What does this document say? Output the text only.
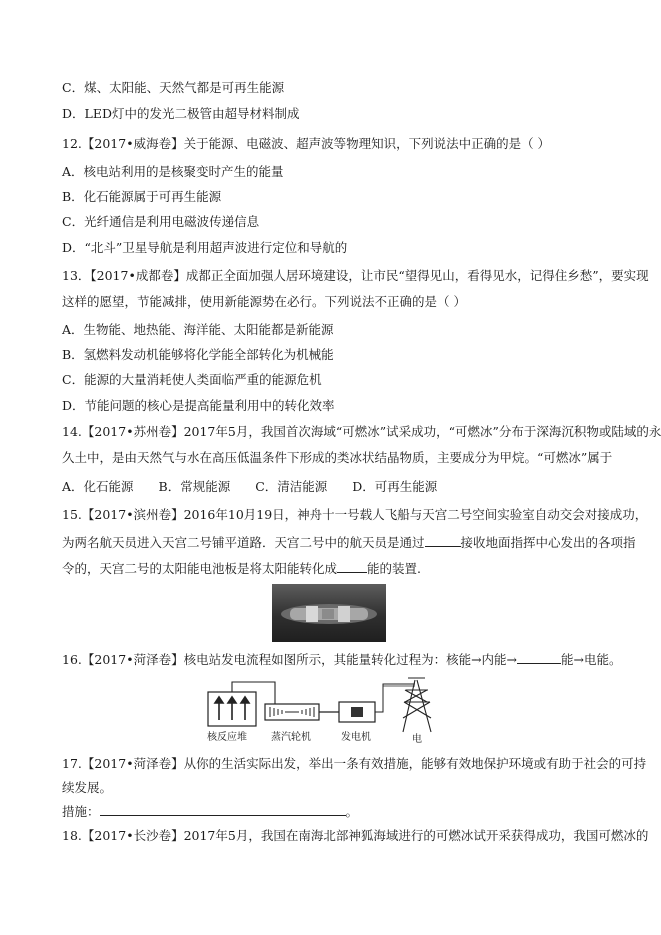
C．煤、太阳能、天然气都是可再生能源
D．LED灯中的发光二极管由超导材料制成
12.【2017•威海卷】关于能源、电磁波、超声波等物理知识，下列说法中正确的是（ ）
A．核电站利用的是核聚变时产生的能量
B．化石能源属于可再生能源
C．光纤通信是利用电磁波传递信息
D．“北斗”卫星导航是利用超声波进行定位和导航的
13．【2017•成都卷】成都正全面加强人居环境建设，让市民“望得见山，看得见水，记得住乡愁”，要实现
这样的愿望，节能减排，使用新能源势在必行。下列说法不正确的是（ ）
A．生物能、地热能、海洋能、太阳能都是新能源
B．氢燃料发动机能够将化学能全部转化为机械能
C．能源的大量消耗使人类面临严重的能源危机
D．节能问题的核心是提高能量利用中的转化效率
14.【2017•苏州卷】2017年5月，我国首次海域“可燃冰”试采成功，“可燃冰”分布于深海沉积物或陆域的永
久土中，是由天然气与水在高压低温条件下形成的类冰状结晶物质，主要成分为甲烷。“可燃冰”属于
A．化石能源　　B．常规能源　　C．清洁能源　　D．可再生能源
15.【2017•滨州卷】2016年10月19日，神舟十一号载人飞船与天宫二号空间实验室自动交会对接成功，
为两名航天员进入天宫二号铺平道路．天宫二号中的航天员是通过	接收地面指挥中心发出的各项指
令的，天宫二号的太阳能电池板是将太阳能转化成 能的装置.
16.【2017•菏泽卷】核电站发电流程如图所示，其能量转化过程为：核能→内能→	能→电能。
核反应堆 蒸汽轮机	发电机	电
17.【2017•菏泽卷】从你的生活实际出发，举出一条有效措施，能够有效地保护环境或有助于社会的可持
续发展。
措施：	。
18.【2017•长沙卷】2017年5月，我国在南海北部神狐海域进行的可燃冰试开采获得成功，我国可燃冰的
